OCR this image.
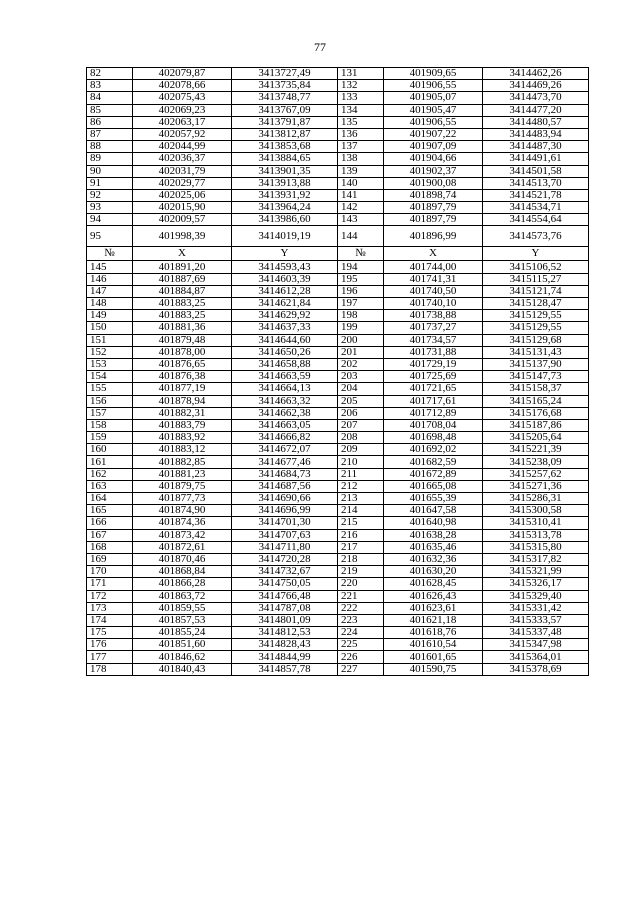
77
82	402079,87	3413727,49	131	401909,65	3414462,26
83	402078,66	3413735,84	132	401906,55	3414469,26
84	402075,43	3413748,77	133	401905,07	3414473,70
85	402069,23	3413767,09	134	401905,47	3414477,20
86	402063,17	3413791,87	135	401906,55	3414480,57
87	402057,92	3413812,87	136	401907,22	3414483,94
88	402044,99	3413853,68	137	401907,09	3414487,30
89	402036,37	3413884,65	138	401904,66	3414491,61
90	402031,79	3413901,35	139	401902,37	3414501,58
91	402029,77	3413913,88	140	401900,08	3414513,70
92	402025,06	3413931,92	141	401898,74	3414521,78
93	402015,90	3413964,24	142	401897,79	3414534,71
94	402009,57	3413986,60	143	401897,79	3414554,64
95	401998,39	3414019,19	144	401896,99	3414573,76
№	X	Y	№	X	Y
145	401891,20	3414593,43	194	401744,00	3415106,52
146	401887,69	3414603,39	195	401741,31	3415115,27
147	401884,87	3414612,28	196	401740,50	3415121,74
148	401883,25	3414621,84	197	401740,10	3415128,47
149	401883,25	3414629,92	198	401738,88	3415129,55
150	401881,36	3414637,33	199	401737,27	3415129,55
151	401879,48	3414644,60	200	401734,57	3415129,68
152	401878,00	3414650,26	201	401731,88	3415131,43
153	401876,65	3414658,88	202	401729,19	3415137,90
154	401876,38	3414663,59	203	401725,69	3415147,73
155	401877,19	3414664,13	204	401721,65	3415158,37
156	401878,94	3414663,32	205	401717,61	3415165,24
157	401882,31	3414662,38	206	401712,89	3415176,68
158	401883,79	3414663,05	207	401708,04	3415187,86
159	401883,92	3414666,82	208	401698,48	3415205,64
160	401883,12	3414672,07	209	401692,02	3415221,39
161	401882,85	3414677,46	210	401682,59	3415238,09
162	401881,23	3414684,73	211	401672,89	3415257,62
163	401879,75	3414687,56	212	401665,08	3415271,36
164	401877,73	3414690,66	213	401655,39	3415286,31
165	401874,90	3414696,99	214	401647,58	3415300,58
166	401874,36	3414701,30	215	401640,98	3415310,41
167	401873,42	3414707,63	216	401638,28	3415313,78
168	401872,61	3414711,80	217	401635,46	3415315,80
169	401870,46	3414720,28	218	401632,36	3415317,82
170	401868,84	3414732,67	219	401630,20	3415321,99
171	401866,28	3414750,05	220	401628,45	3415326,17
172	401863,72	3414766,48	221	401626,43	3415329,40
173	401859,55	3414787,08	222	401623,61	3415331,42
174	401857,53	3414801,09	223	401621,18	3415333,57
175	401855,24	3414812,53	224	401618,76	3415337,48
176	401851,60	3414828,43	225	401610,54	3415347,98
177	401846,62	3414844,99	226	401601,65	3415364,01
178	401840,43	3414857,78	227	401590,75	3415378,69
